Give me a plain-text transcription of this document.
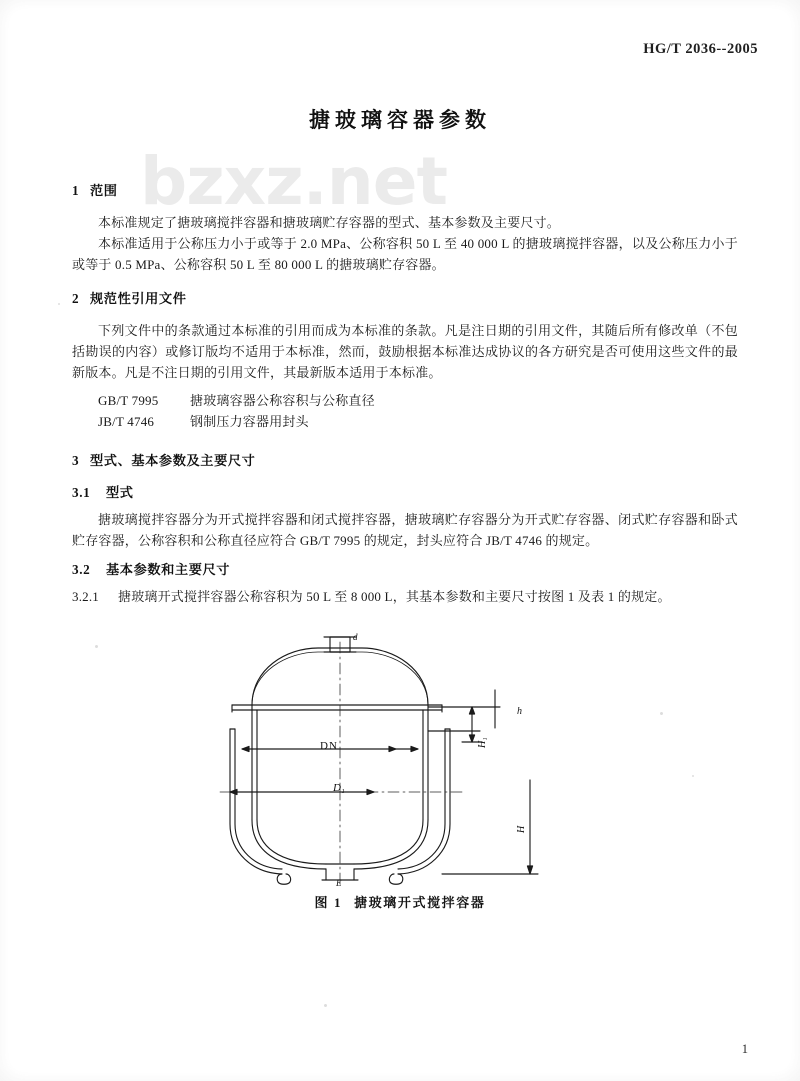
bzxz.net
HG/T 2036--2005
搪玻璃容器参数

1 范围

本标准规定了搪玻璃搅拌容器和搪玻璃贮存容器的型式、基本参数及主要尺寸。

本标准适用于公称压力小于或等于 2.0 MPa、公称容积 50 L 至 40 000 L 的搪玻璃搅拌容器，以及公称压力小于或等于 0.5 MPa、公称容积 50 L 至 80 000 L 的搪玻璃贮存容器。

2 规范性引用文件

下列文件中的条款通过本标准的引用而成为本标准的条款。凡是注日期的引用文件，其随后所有修改单（不包括勘误的内容）或修订版均不适用于本标准，然而，鼓励根据本标准达成协议的各方研究是否可使用这些文件的最新版本。凡是不注日期的引用文件，其最新版本适用于本标准。

GB/T 7995 搪玻璃容器公称容积与公称直径

JB/T 4746	钢制压力容器用封头

3 型式、基本参数及主要尺寸

3.1 型式

搪玻璃搅拌容器分为开式搅拌容器和闭式搅拌容器，搪玻璃贮存容器分为开式贮存容器、闭式贮存容器和卧式贮存容器，公称容积和公称直径应符合 GB/T 7995 的规定，封头应符合 JB/T 4746 的规定。

3.2 基本参数和主要尺寸

3.2.1 搪玻璃开式搅拌容器公称容积为 50 L 至 8 000 L，其基本参数和主要尺寸按图 1 及表 1 的规定。

d
DN
D₁
H₁
h
H
E
图 1 搪玻璃开式搅拌容器
1
